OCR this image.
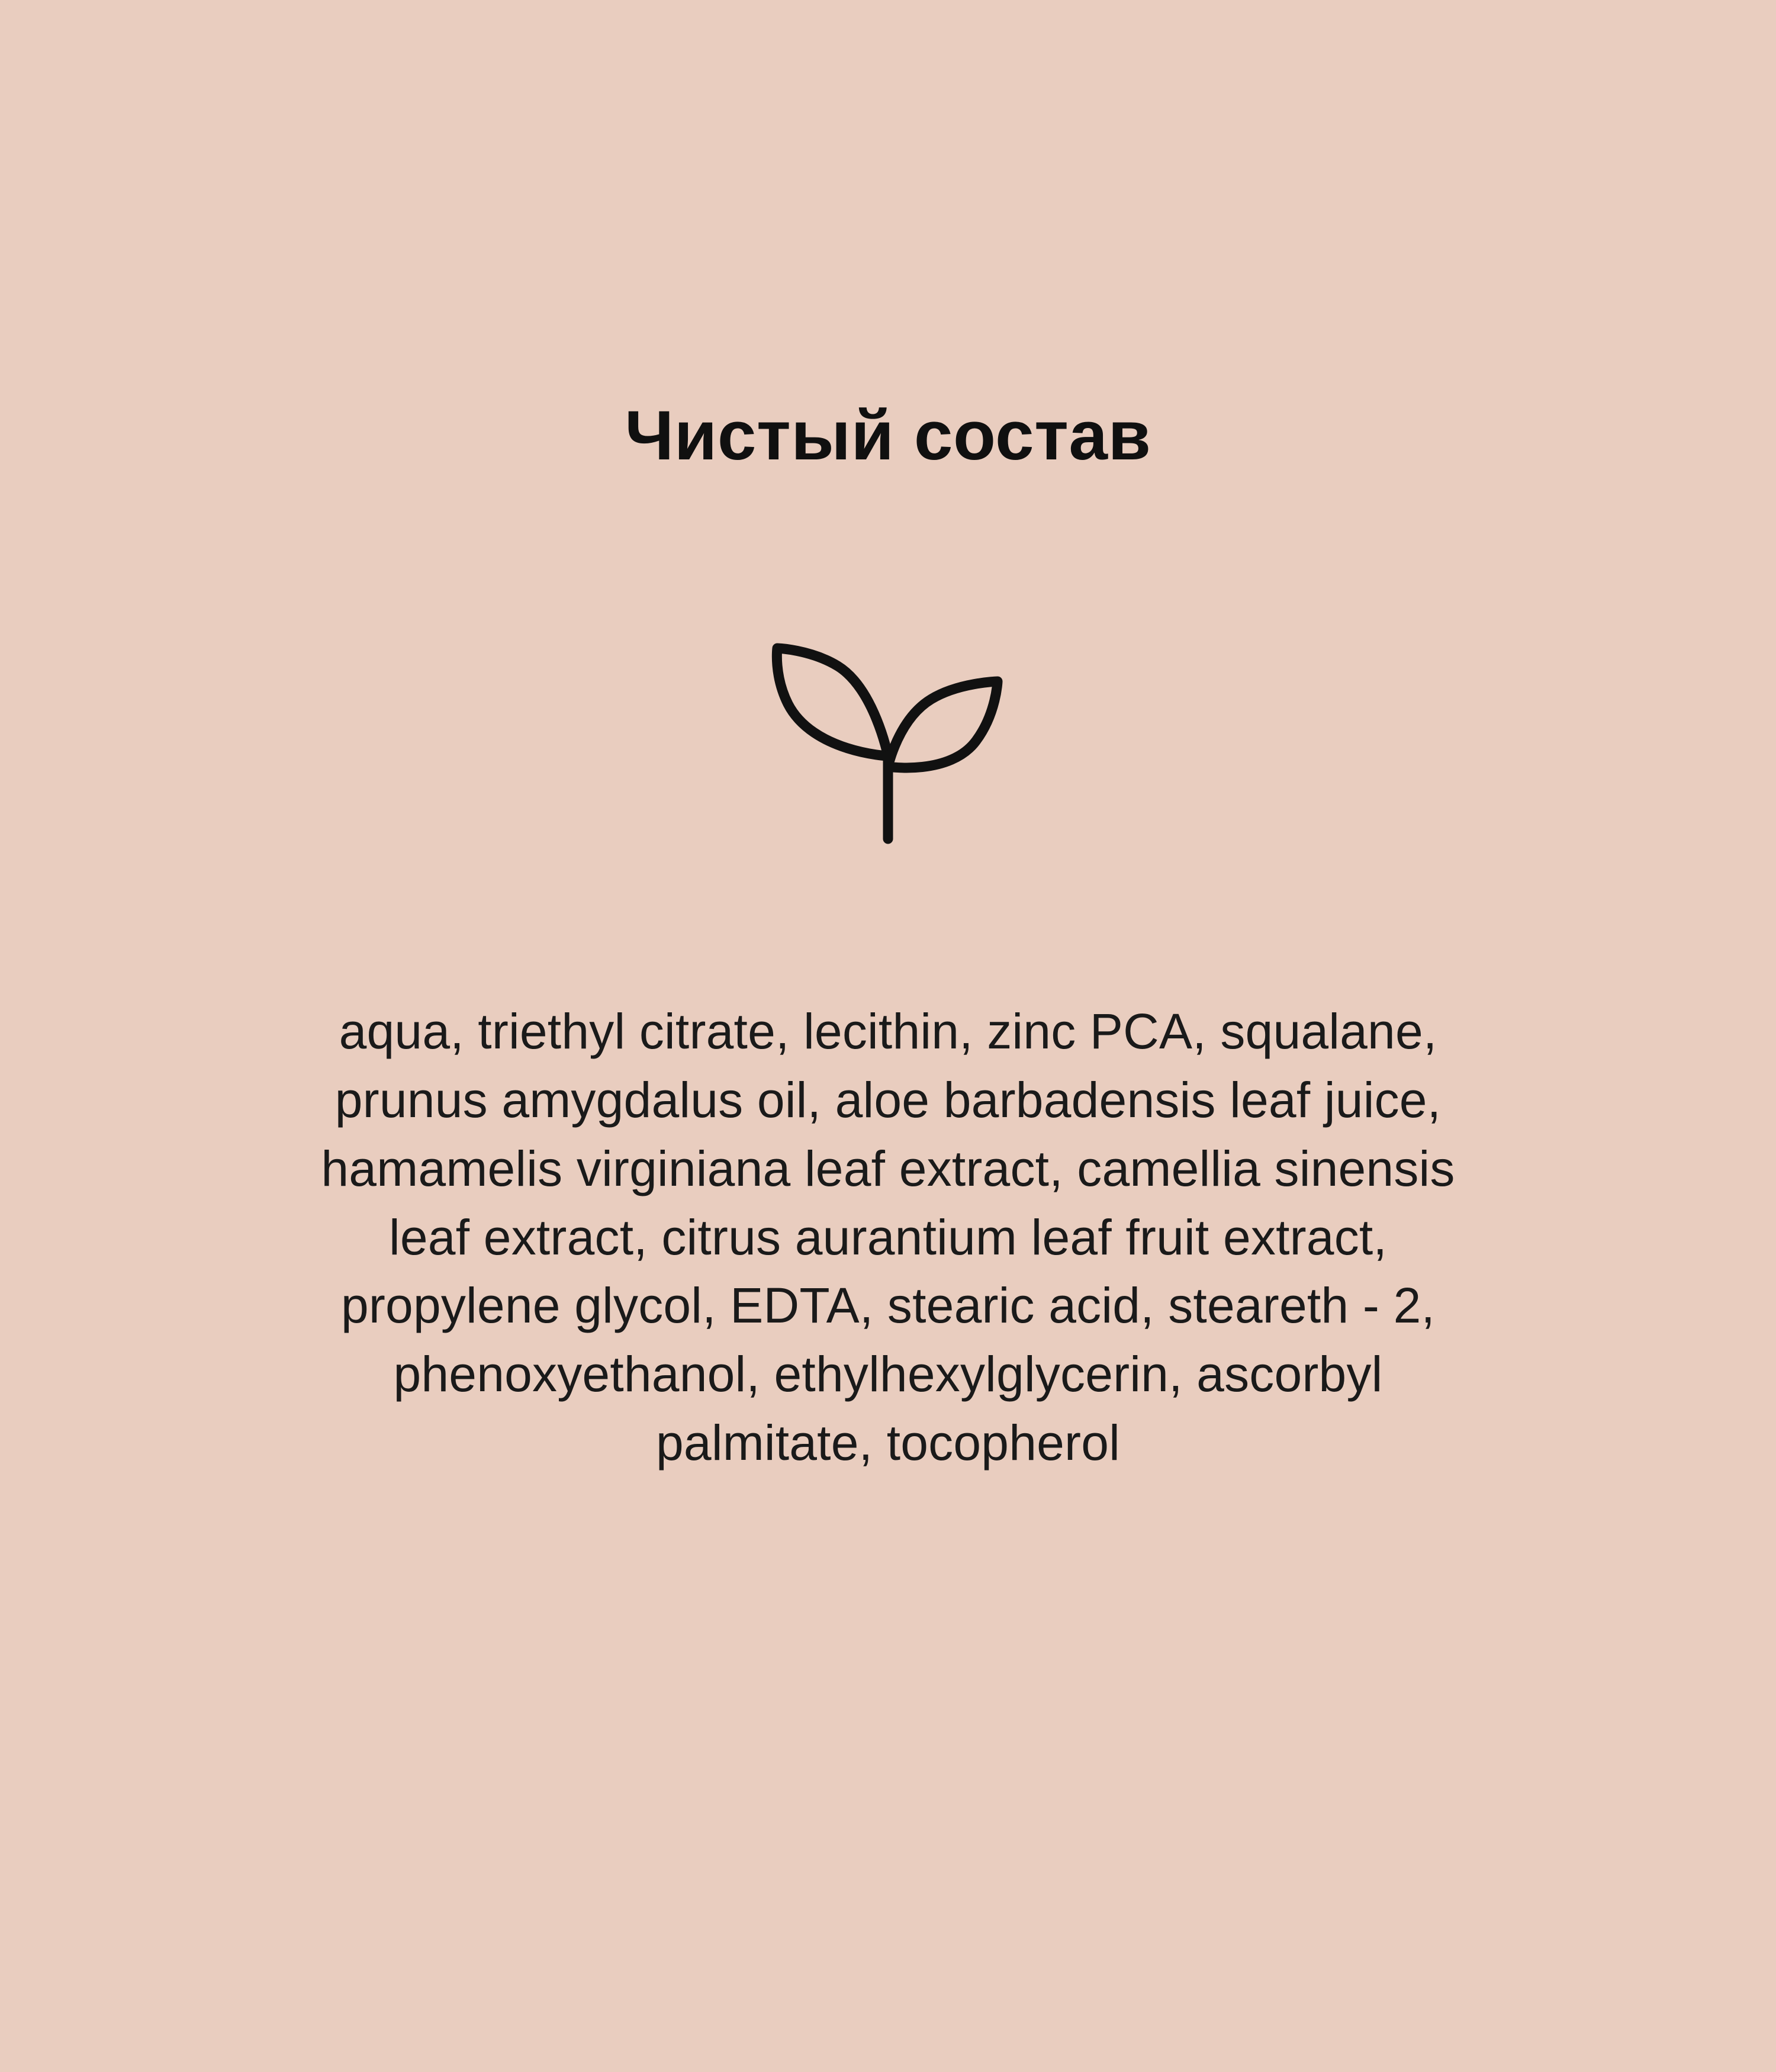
Чистый состав

aqua, triethyl citrate, lecithin, zinc PCA, squalane, prunus amygdalus oil, aloe barbadensis leaf juice, hamamelis virginiana leaf extract, camellia sinensis leaf extract, citrus aurantium leaf fruit extract, propylene glycol, EDTA, stearic acid, steareth - 2, phenoxyethanol, ethylhexylglycerin, ascorbyl palmitate, tocopherol
